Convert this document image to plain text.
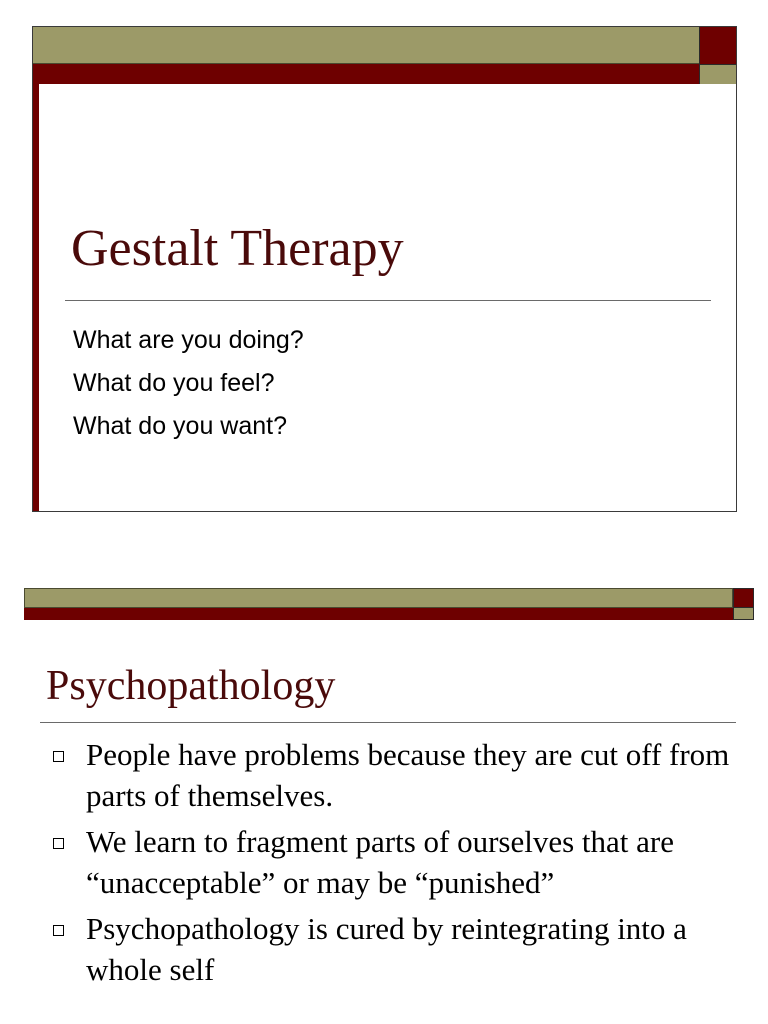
Gestalt Therapy
What are you doing?
What do you feel?
What do you want?
Psychopathology
People have problems because they are cut off from parts of themselves.
We learn to fragment parts of ourselves that are “unacceptable” or may be “punished”
Psychopathology is cured by reintegrating into a whole self
